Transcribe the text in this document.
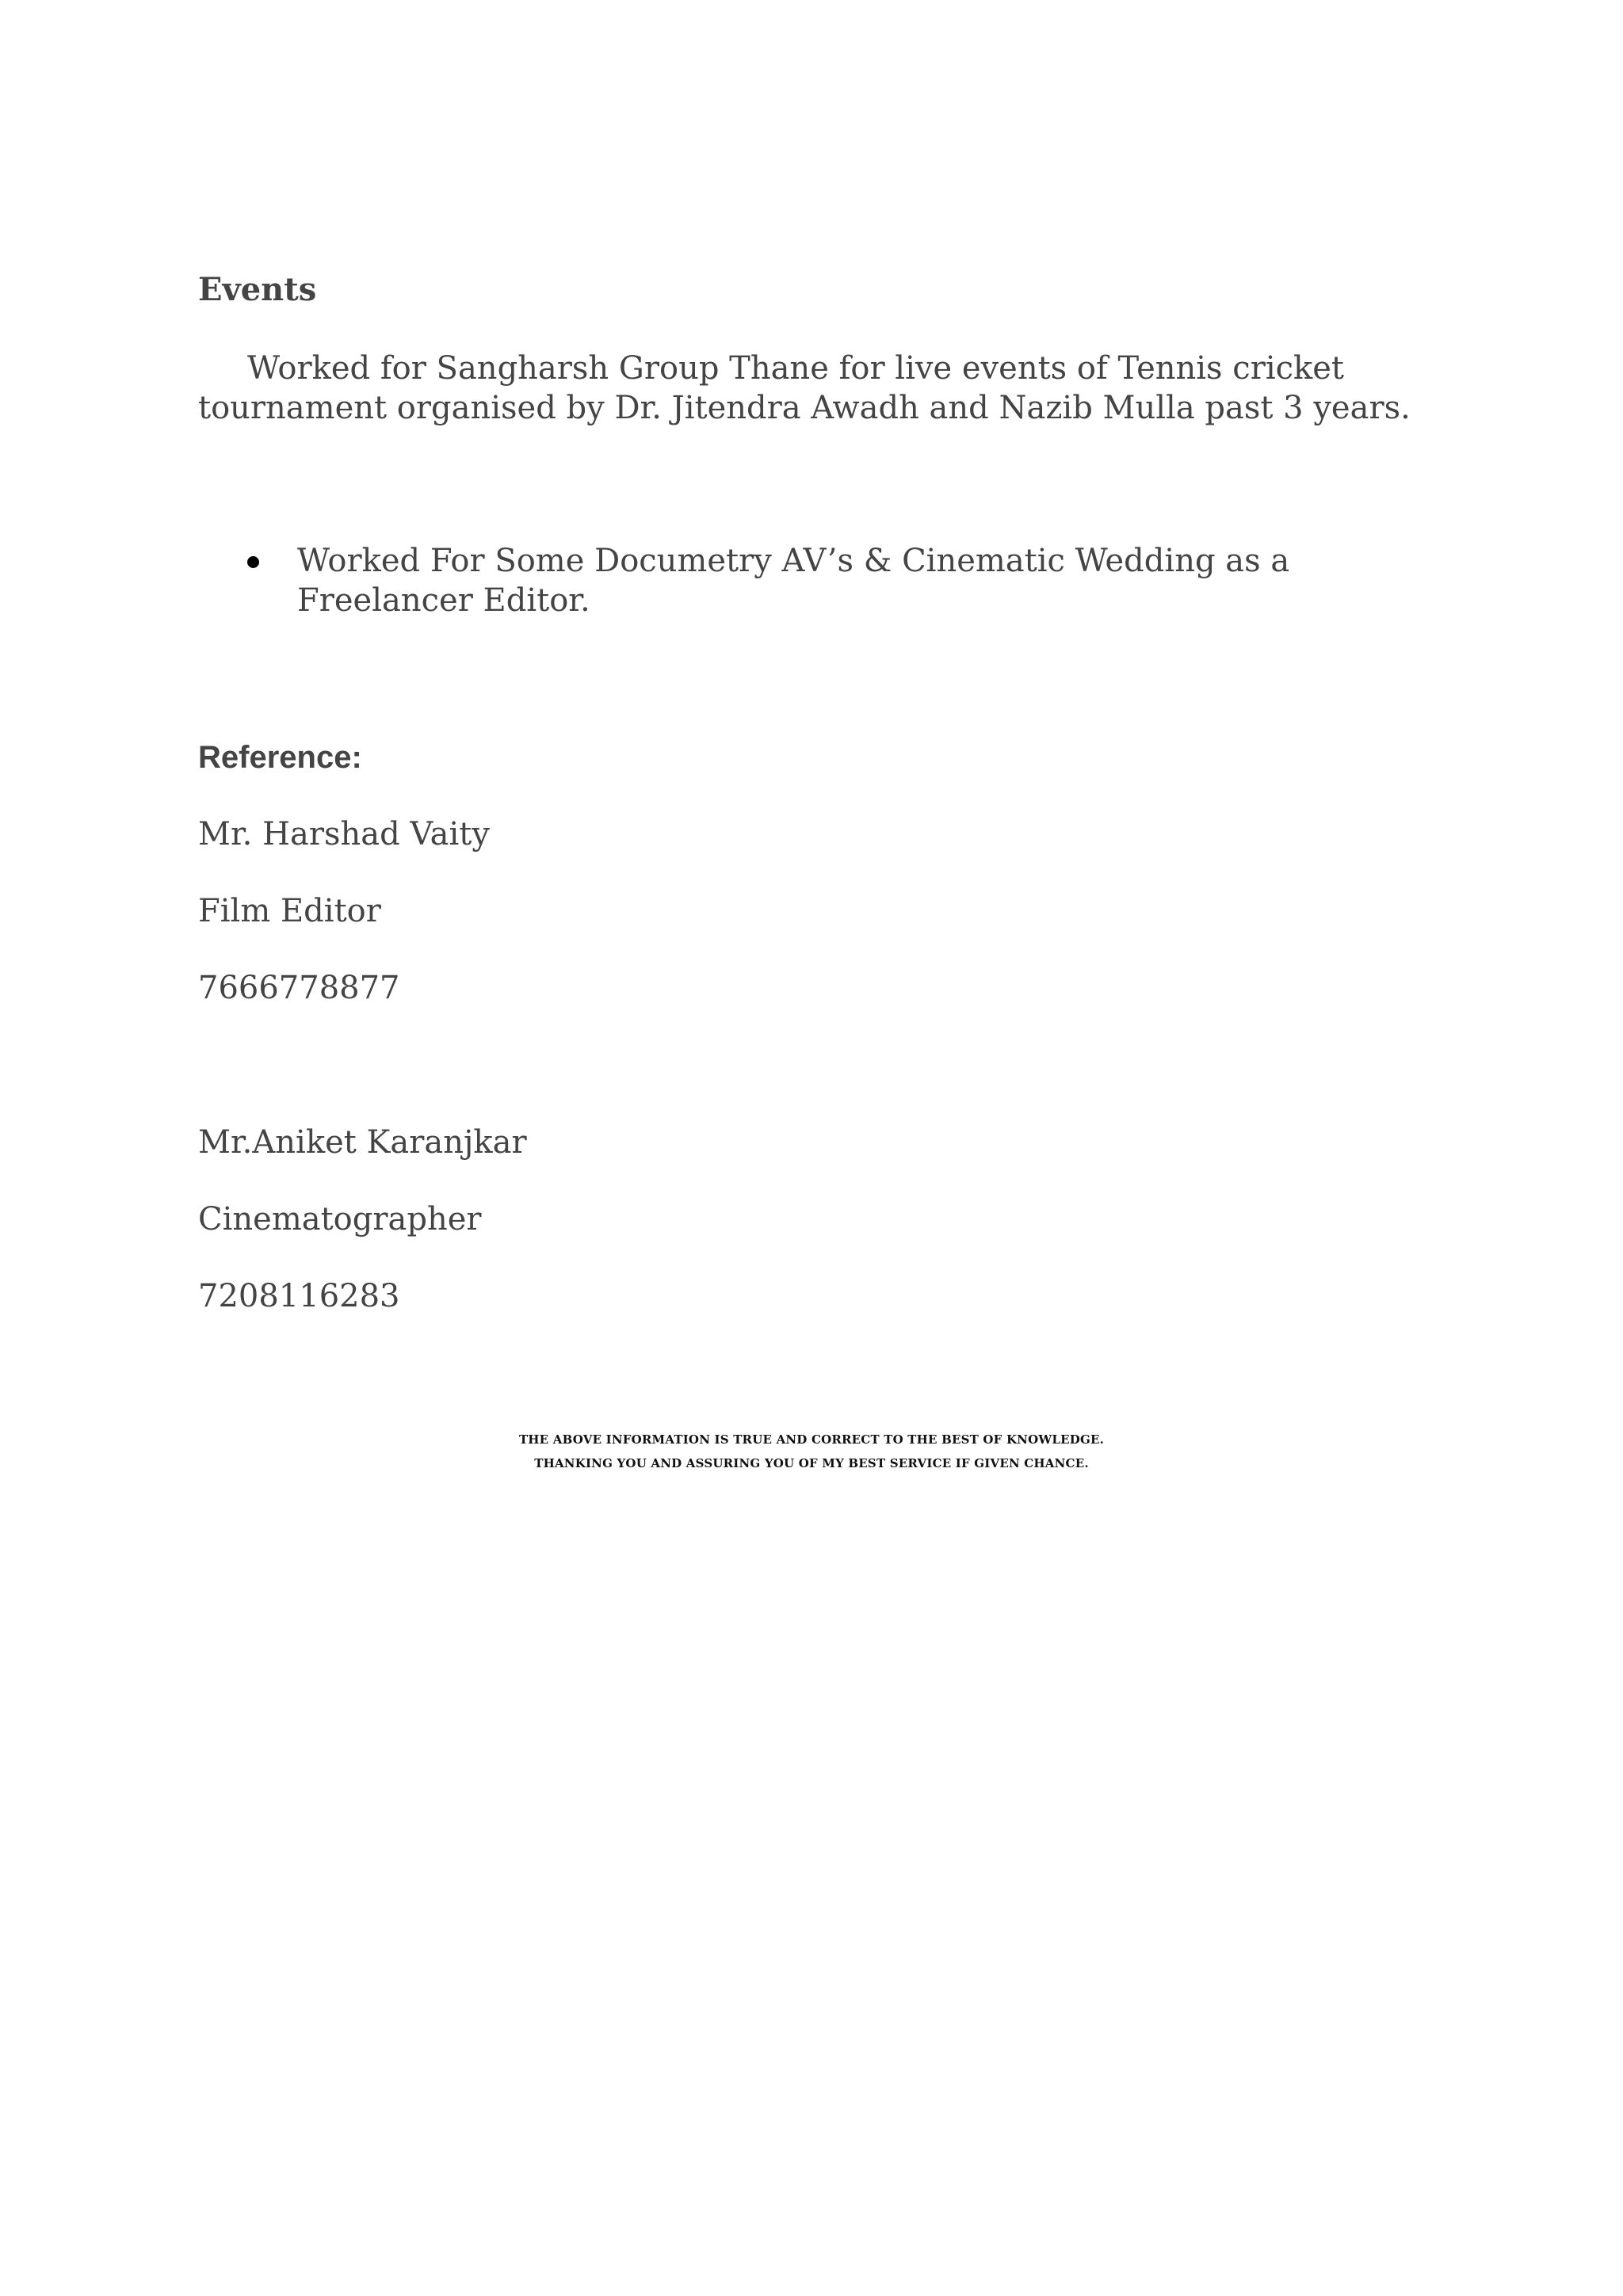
Events

Worked for Sangharsh Group Thane for live events of Tennis cricket tournament organised by Dr. Jitendra Awadh and Nazib Mulla past 3 years.

Worked For Some Documetry AV’s & Cinematic Wedding as a Freelancer Editor.
Reference:

Mr. Harshad Vaity

Film Editor

7666778877

Mr.Aniket Karanjkar

Cinematographer

7208116283

THE ABOVE INFORMATION IS TRUE AND CORRECT TO THE BEST OF KNOWLEDGE.

THANKING YOU AND ASSURING YOU OF MY BEST SERVICE IF GIVEN CHANCE.
